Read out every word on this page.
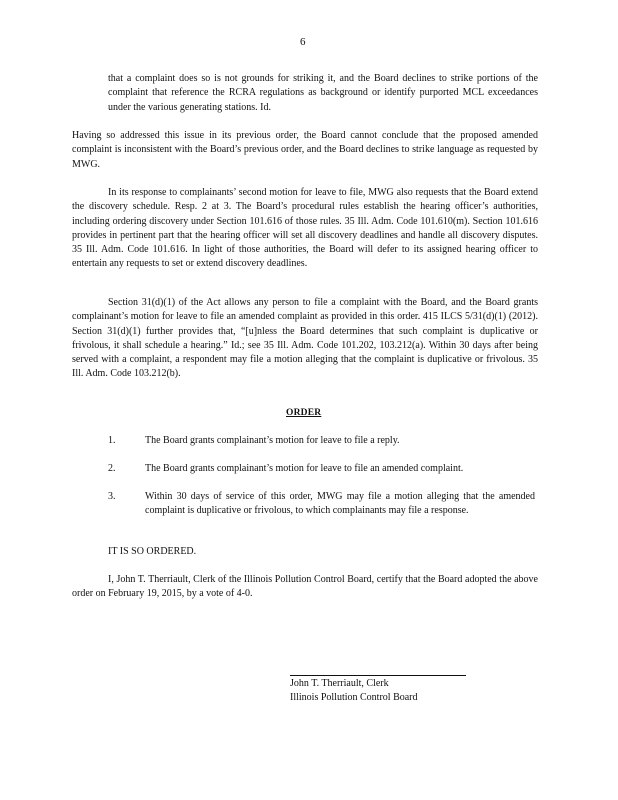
6

that a complaint does so is not grounds for striking it, and the Board declines to strike portions of the complaint that reference the RCRA regulations as background or identify purported MCL exceedances under the various generating stations. Id.

Having so addressed this issue in its previous order, the Board cannot conclude that the proposed amended complaint is inconsistent with the Board’s previous order, and the Board declines to strike language as requested by MWG.

In its response to complainants’ second motion for leave to file, MWG also requests that the Board extend the discovery schedule. Resp. 2 at 3. The Board’s procedural rules establish the hearing officer’s authorities, including ordering discovery under Section 101.616 of those rules. 35 Ill. Adm. Code 101.610(m). Section 101.616 provides in pertinent part that the hearing officer will set all discovery deadlines and handle all discovery disputes. 35 Ill. Adm. Code 101.616. In light of those authorities, the Board will defer to its assigned hearing officer to entertain any requests to set or extend discovery deadlines.

Section 31(d)(1) of the Act allows any person to file a complaint with the Board, and the Board grants complainant’s motion for leave to file an amended complaint as provided in this order. 415 ILCS 5/31(d)(1) (2012). Section 31(d)(1) further provides that, “[u]nless the Board determines that such complaint is duplicative or frivolous, it shall schedule a hearing.” Id.; see 35 Ill. Adm. Code 101.202, 103.212(a). Within 30 days after being served with a complaint, a respondent may file a motion alleging that the complaint is duplicative or frivolous. 35 Ill. Adm. Code 103.212(b).

ORDER
1.	The Board grants complainant’s motion for leave to file a reply.
2.	The Board grants complainant’s motion for leave to file an amended complaint.
3.	Within 30 days of service of this order, MWG may file a motion alleging that the amended complaint is duplicative or frivolous, to which complainants may file a response.

IT IS SO ORDERED.

I, John T. Therriault, Clerk of the Illinois Pollution Control Board, certify that the Board adopted the above order on February 19, 2015, by a vote of 4-0.

John T. Therriault, Clerk
Illinois Pollution Control Board
